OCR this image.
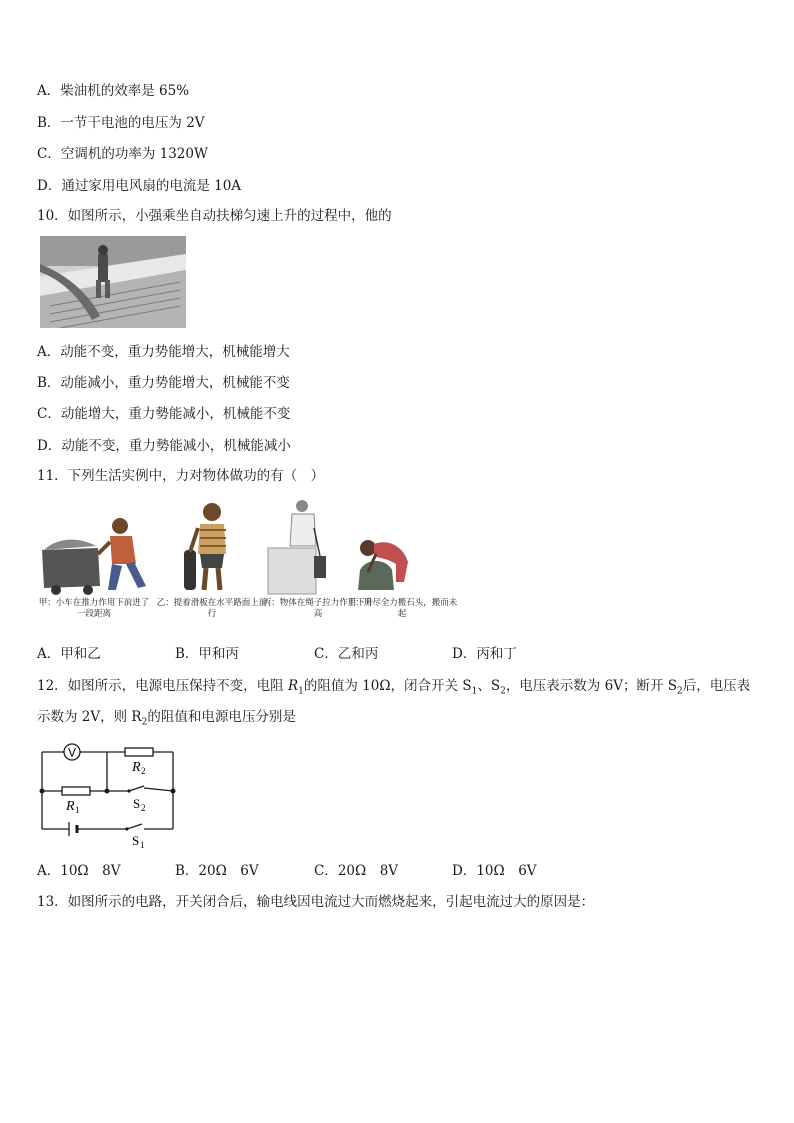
A．柴油机的效率是 65%
B．一节干电池的电压为 2V
C．空调机的功率为 1320W
D．通过家用电风扇的电流是 10A
10．如图所示，小强乘坐自动扶梯匀速上升的过程中，他的
A．动能不变，重力势能增大，机械能增大
B．动能减小，重力势能增大，机械能不变
C．动能增大，重力勢能减小，机械能不变
D．动能不变，重力勢能减小，机械能减小
11．下列生活实例中，力对物体做功的有（　）
甲：小车在推力作用下前进了一段距离
乙：提着滑板在水平路面上前行
丙：物体在绳子拉力作用下升高
丁：用尽全力搬石头，搬而未起
A．甲和乙	B．甲和丙	C．乙和丙	D．丙和丁
12．如图所示，电源电压保持不变，电阻 $R_1$的阻值为 10Ω，闭合开关 $S_1$、$S_2$，电压表示数为 6V；断开 $S_2$后，电压表
示数为 2V，则 $R_2$的阻值和电源电压分别是
V
R 2
R 1	S 2
S 1
A．10Ω　8V	B．20Ω　6V	C．20Ω　8V	D．10Ω　6V
13．如图所示的电路，开关闭合后，输电线因电流过大而燃烧起来，引起电流过大的原因是：
